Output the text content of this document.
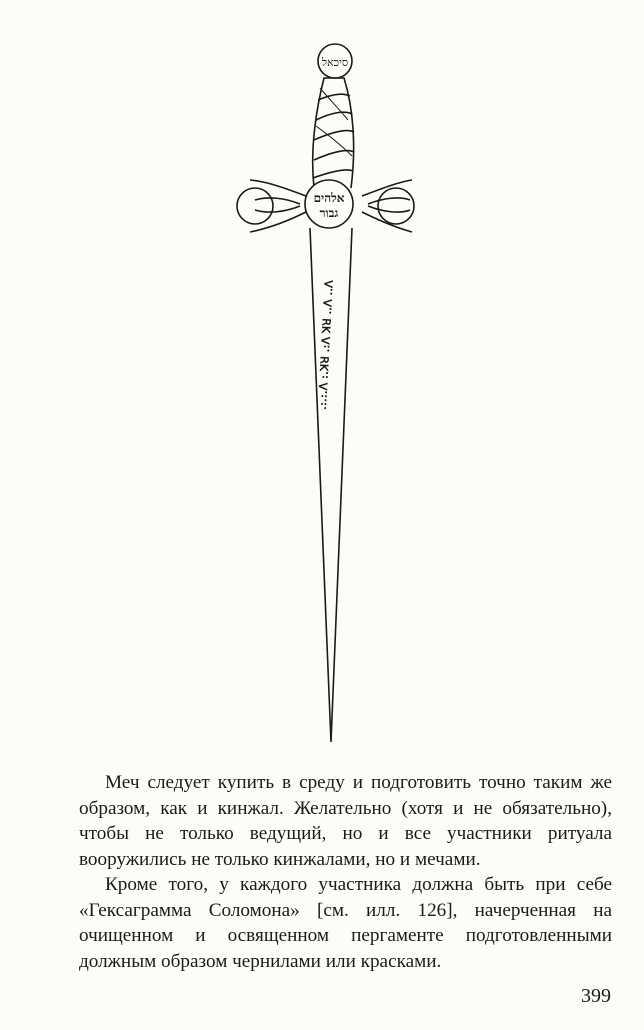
סיכאל
אלהים
גבור
.:.:.ꓥ :.ꓘꓤ .:ꓥ ꓘꓤ ..ꓥ ..ꓥ

Меч следует купить в среду и подготовить точно таким же образом, как и кинжал. Желательно (хотя и не обязательно), чтобы не только ведущий, но и все участники ритуала вооружились не только кинжалами, но и мечами.

Кроме того, у каждого участника должна быть при себе «Гексаграмма Соломона» [см. илл. 126], начерченная на очищенном и освященном пергаменте подготовленными должным образом чернилами или красками.

399
